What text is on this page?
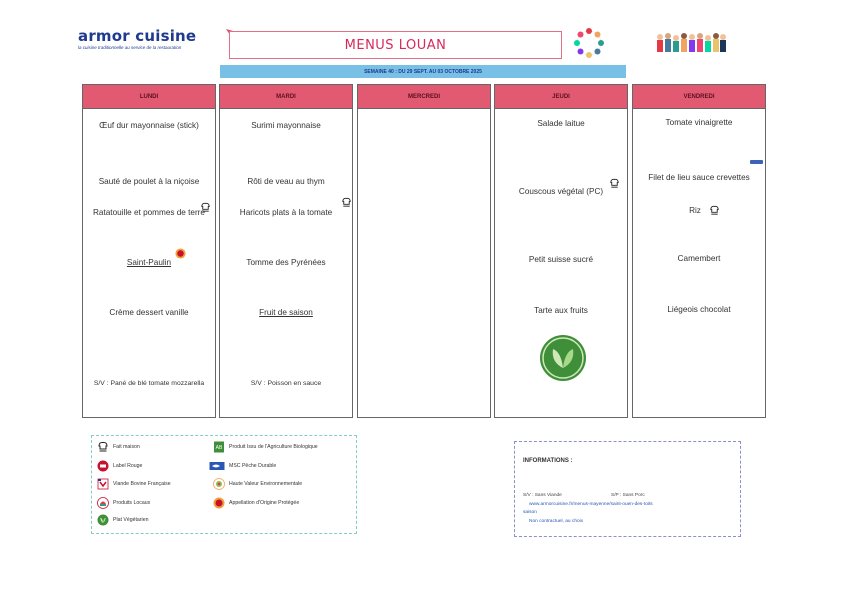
armor cuisine
la cuisine traditionnelle au service de la restauration	MENUS LOUAN
SEMAINE 40 : DU 29 SEPT. AU 03 OCTOBRE 2025
LUNDI
Œuf dur mayonnaise (stick)
Sauté de poulet à la niçoise
Ratatouille et pommes de terre
Saint-Paulin
Crème dessert vanille
S/V : Pané de blé tomate mozzarella
MARDI
Surimi mayonnaise
Rôti de veau au thym
Haricots plats à la tomate
Tomme des Pyrénées
Fruit de saison
S/V : Poisson en sauce
MERCREDI	JEUDI
Salade laitue
Couscous végétal (PC)
Petit suisse sucré
Tarte aux fruits
VENDREDI
Tomate vinaigrette
Filet de lieu sauce crevettes
Riz
Camembert
Liégeois chocolat
Fait maison
Label Rouge
Viande Bovine Française
Produits Locaux
Plat Végétarien
AB Produit Issu de l'Agriculture Biologique
MSC Pêche Durable
Haute Valeur Environnementale
Appellation d'Origine Protégée
INFORMATIONS :
S/V : Sans Viande	S/P : Sans Porc
www.armorcuisine.fr/menus-mayenne/saint-ouen-des-toits
saison
Non contractuel, au choix
